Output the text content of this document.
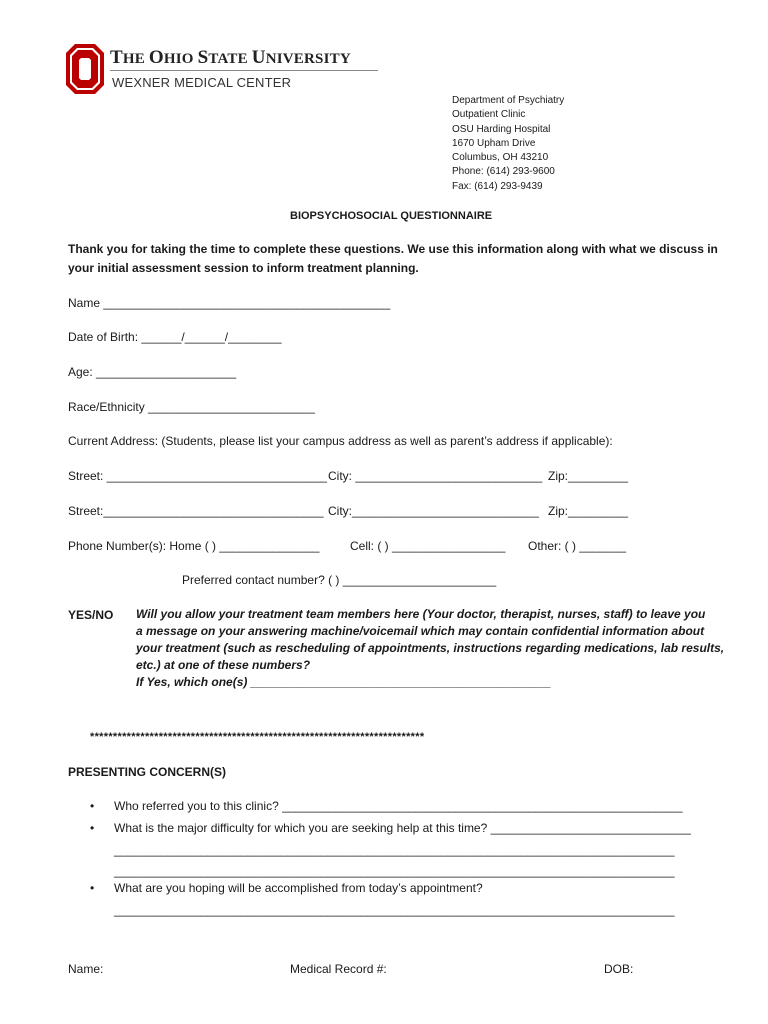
THE OHIO STATE UNIVERSITY
WEXNER MEDICAL CENTER
Department of Psychiatry
Outpatient Clinic
OSU Harding Hospital
1670 Upham Drive
Columbus, OH 43210
Phone: (614) 293-9600
Fax: (614) 293-9439
BIOPSYCHOSOCIAL QUESTIONNAIRE
Thank you for taking the time to complete these questions. We use this information along with what we discuss in
your initial assessment session to inform treatment planning.
Name ___________________________________________
Date of Birth: ______/______/________
Age: _____________________
Race/Ethnicity _________________________
Current Address: (Students, please list your campus address as well as parent’s address if applicable):
Street: _________________________________ City: ____________________________ Zip:_________
Street:_________________________________ City:____________________________ Zip:_________
Phone Number(s): Home ( ) _______________	Cell: ( ) _________________ Other: ( ) _______
Preferred contact number? ( ) _______________________
YES/NO Will you allow your treatment team members here (Your doctor, therapist, nurses, staff) to leave you
a message on your answering machine/voicemail which may contain confidential information about
your treatment (such as rescheduling of appointments, instructions regarding medications, lab results,
etc.) at one of these numbers?
If Yes, which one(s) _____________________________________________
*************************************************************************
PRESENTING CONCERN(S)
• Who referred you to this clinic? ____________________________________________________________
• What is the major difficulty for which you are seeking help at this time? ______________________________
____________________________________________________________________________________
____________________________________________________________________________________
• What are you hoping will be accomplished from today’s appointment?
____________________________________________________________________________________
Name:	Medical Record #:	DOB:
